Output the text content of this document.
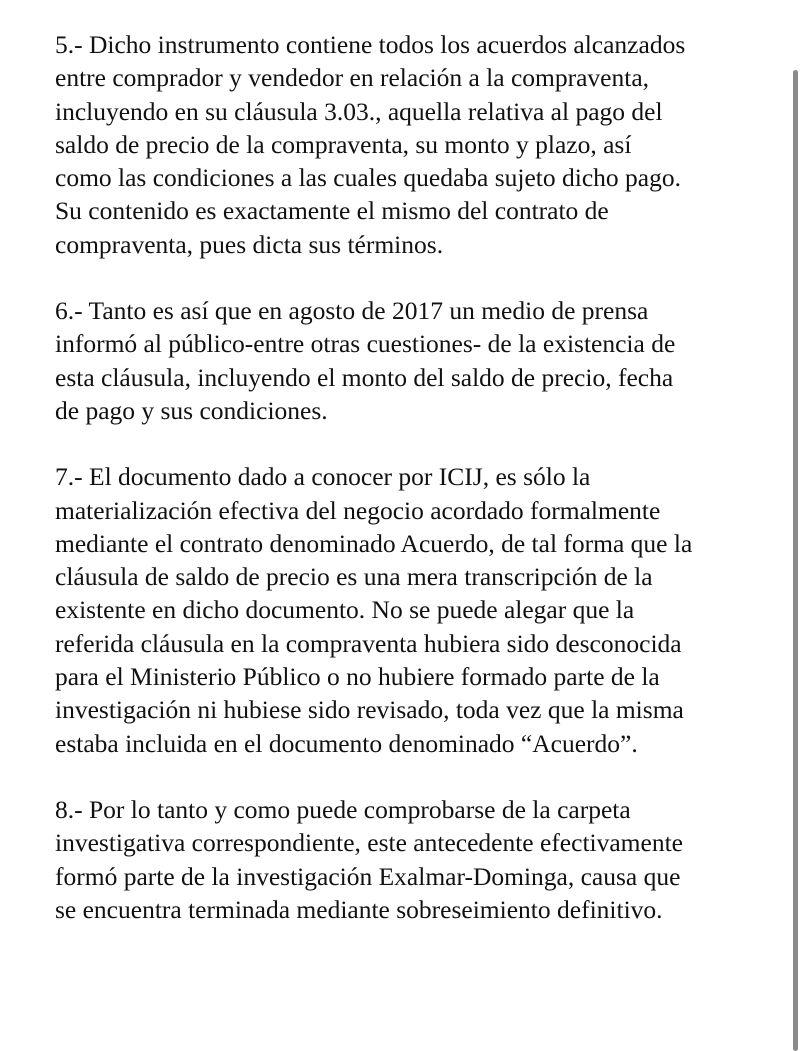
5.- Dicho instrumento contiene todos los acuerdos alcanzados
entre comprador y vendedor en relación a la compraventa,
incluyendo en su cláusula 3.03., aquella relativa al pago del
saldo de precio de la compraventa, su monto y plazo, así
como las condiciones a las cuales quedaba sujeto dicho pago.
Su contenido es exactamente el mismo del contrato de
compraventa, pues dicta sus términos.

6.- Tanto es así que en agosto de 2017 un medio de prensa
informó al público-entre otras cuestiones- de la existencia de
esta cláusula, incluyendo el monto del saldo de precio, fecha
de pago y sus condiciones.

7.- El documento dado a conocer por ICIJ, es sólo la
materialización efectiva del negocio acordado formalmente
mediante el contrato denominado Acuerdo, de tal forma que la
cláusula de saldo de precio es una mera transcripción de la
existente en dicho documento. No se puede alegar que la
referida cláusula en la compraventa hubiera sido desconocida
para el Ministerio Público o no hubiere formado parte de la
investigación ni hubiese sido revisado, toda vez que la misma
estaba incluida en el documento denominado “Acuerdo”.

8.- Por lo tanto y como puede comprobarse de la carpeta
investigativa correspondiente, este antecedente efectivamente
formó parte de la investigación Exalmar-Dominga, causa que
se encuentra terminada mediante sobreseimiento definitivo.
